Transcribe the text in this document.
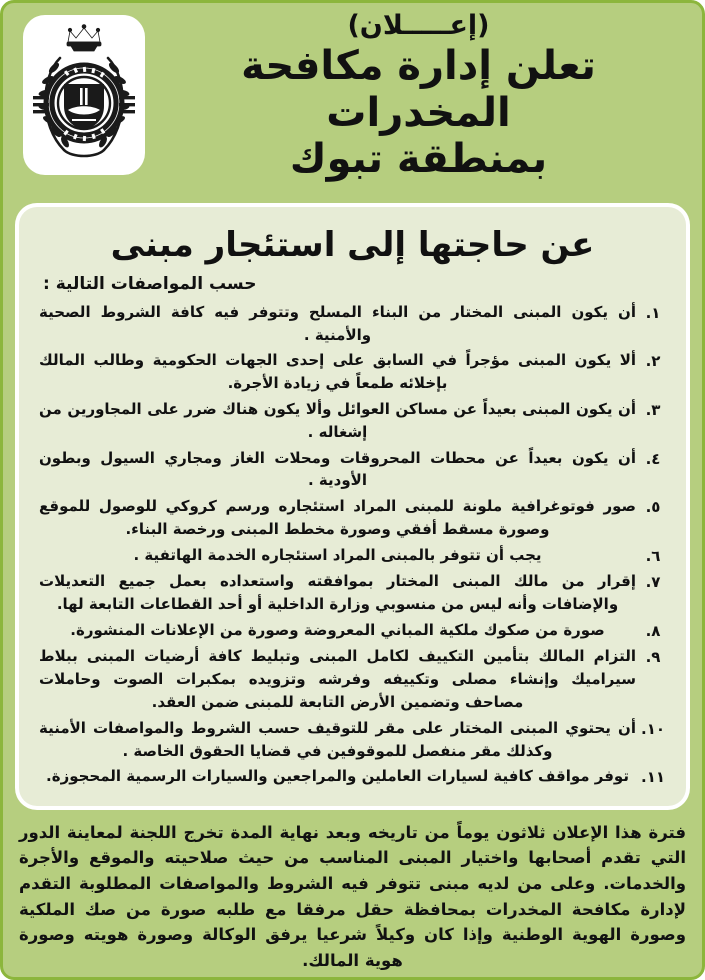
(إعـــــلان)
تعلن إدارة مكافحة المخدرات
بمنطقة تبوك
عن حاجتها إلى استئجار مبنى
حسب المواصفات التالية :
١.
أن يكون المبنى المختار من البناء المسلح وتتوفر فيه كافة الشروط الصحية والأمنية .
٢.
ألا يكون المبنى مؤجراً في السابق على إحدى الجهات الحكومية وطالب المالك بإخلائه طمعاً في زيادة الأجرة.
٣.
أن يكون المبنى بعيداً عن مساكن العوائل وألا يكون هناك ضرر على المجاورين من إشغاله .
٤.
أن يكون بعيداً عن محطات المحروقات ومحلات الغاز ومجاري السيول وبطون الأودية .
٥.
صور فوتوغرافية ملونة للمبنى المراد استئجاره ورسم كروكي للوصول للموقع وصورة مسقط أفقي وصورة مخطط المبنى ورخصة البناء.
٦.
يجب أن تتوفر بالمبنى المراد استئجاره الخدمة الهاتفية .
٧.
إقرار من مالك المبنى المختار بموافقته واستعداده بعمل جميع التعديلات والإضافات وأنه ليس من منسوبي وزارة الداخلية أو أحد القطاعات التابعة لها.
٨.
صورة من صكوك ملكية المباني المعروضة وصورة من الإعلانات المنشورة.
٩.
التزام المالك بتأمين التكييف لكامل المبنى وتبليط كافة أرضيات المبنى ببلاط سيراميك وإنشاء مصلى وتكييفه وفرشه وتزويده بمكبرات الصوت وحاملات مصاحف وتضمين الأرض التابعة للمبنى ضمن العقد.
١٠.
أن يحتوي المبنى المختار على مقر للتوقيف حسب الشروط والمواصفات الأمنية وكذلك مقر منفصل للموقوفين في قضايا الحقوق الخاصة .
١١.
توفر مواقف كافية لسيارات العاملين والمراجعين والسيارات الرسمية المحجوزة.
فترة هذا الإعلان ثلاثون يوماً من تاريخه وبعد نهاية المدة تخرج اللجنة لمعاينة الدور التي تقدم أصحابها واختيار المبنى المناسب من حيث صلاحيته والموقع والأجرة والخدمات. وعلى من لديه مبنى تتوفر فيه الشروط والمواصفات المطلوبة التقدم لإدارة مكافحة المخدرات بمحافظة حقل مرفقا مع طلبه صورة من صك الملكية وصورة الهوية الوطنية وإذا كان وكيلاً شرعيا يرفق الوكالة وصورة هويته وصورة هوية المالك.
